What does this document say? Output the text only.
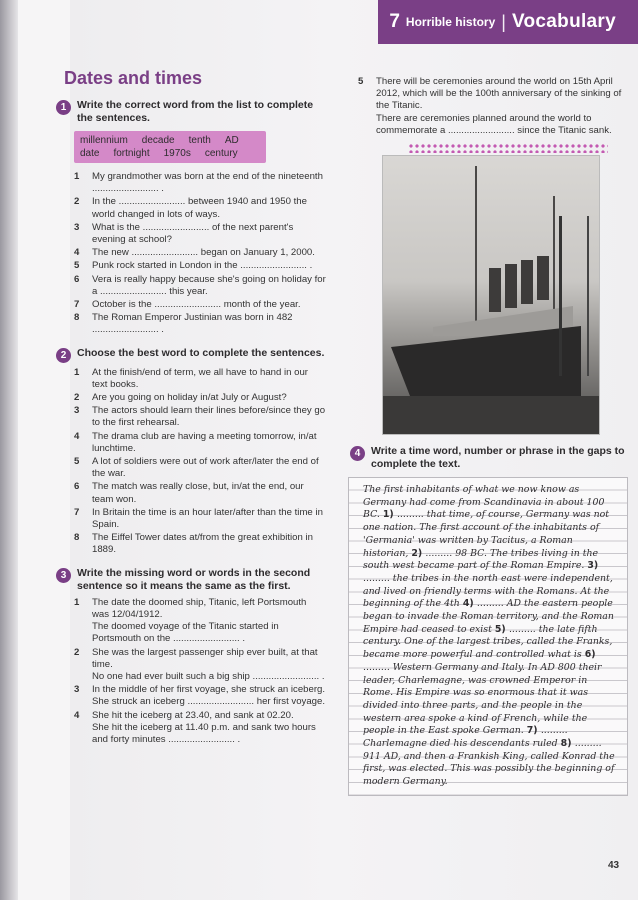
7 Horrible history | Vocabulary
Dates and times
1	Write the correct word from the list to complete the sentences.
millennium decade tenth AD
date fortnight 1970s century
1	My grandmother was born at the end of the nineteenth ......................... .
2	In the ......................... between 1940 and 1950 the world changed in lots of ways.
3	What is the ......................... of the next parent's evening at school?
4	The new ......................... began on January 1, 2000.
5	Punk rock started in London in the ......................... .
6	Vera is really happy because she's going on holiday for a ......................... this year.
7	October is the ......................... month of the year.
8	The Roman Emperor Justinian was born in 482 ......................... .
2	Choose the best word to complete the sentences.
1	At the finish/end of term, we all have to hand in our text books.
2	Are you going on holiday in/at July or August?
3	The actors should learn their lines before/since they go to the first rehearsal.
4	The drama club are having a meeting tomorrow, in/at lunchtime.
5	A lot of soldiers were out of work after/later the end of the war.
6	The match was really close, but, in/at the end, our team won.
7	In Britain the time is an hour later/after than the time in Spain.
8	The Eiffel Tower dates at/from the great exhibition in 1889.
3	Write the missing word or words in the second sentence so it means the same as the first.
1	The date the doomed ship, Titanic, left Portsmouth was 12/04/1912.
The doomed voyage of the Titanic started in Portsmouth on the ......................... .
2	She was the largest passenger ship ever built, at that time.
No one had ever built such a big ship ......................... .
3	In the middle of her first voyage, she struck an iceberg.
She struck an iceberg ......................... her first voyage.
4	She hit the iceberg at 23.40, and sank at 02.20.
She hit the iceberg at 11.40 p.m. and sank two hours and forty minutes ......................... .
5	There will be ceremonies around the world on 15th April 2012, which will be the 100th anniversary of the sinking of the Titanic.
There are ceremonies planned around the world to commemorate a ......................... since the Titanic sank.
4	Write a time word, number or phrase in the gaps to complete the text.
The first inhabitants of what we now know as Germany had come from Scandinavia in about 100 BC. 1) ......... that time, of course, Germany was not one nation. The first account of the inhabitants of 'Germania' was written by Tacitus, a Roman historian, 2) ......... 98 BC. The tribes living in the south west became part of the Roman Empire. 3) ......... the tribes in the north east were independent, and lived on friendly terms with the Romans. At the beginning of the 4th 4) ......... AD the eastern people began to invade the Roman territory, and the Roman Empire had ceased to exist 5) ......... the late fifth century. One of the largest tribes, called the Franks, became more powerful and controlled what is 6) ......... Western Germany and Italy. In AD 800 their leader, Charlemagne, was crowned Emperor in Rome. His Empire was so enormous that it was divided into three parts, and the people in the western area spoke a kind of French, while the people in the East spoke German. 7) ......... Charlemagne died his descendants ruled 8) ......... 911 AD, and then a Frankish King, called Konrad the first, was elected. This was possibly the beginning of modern Germany.
43
